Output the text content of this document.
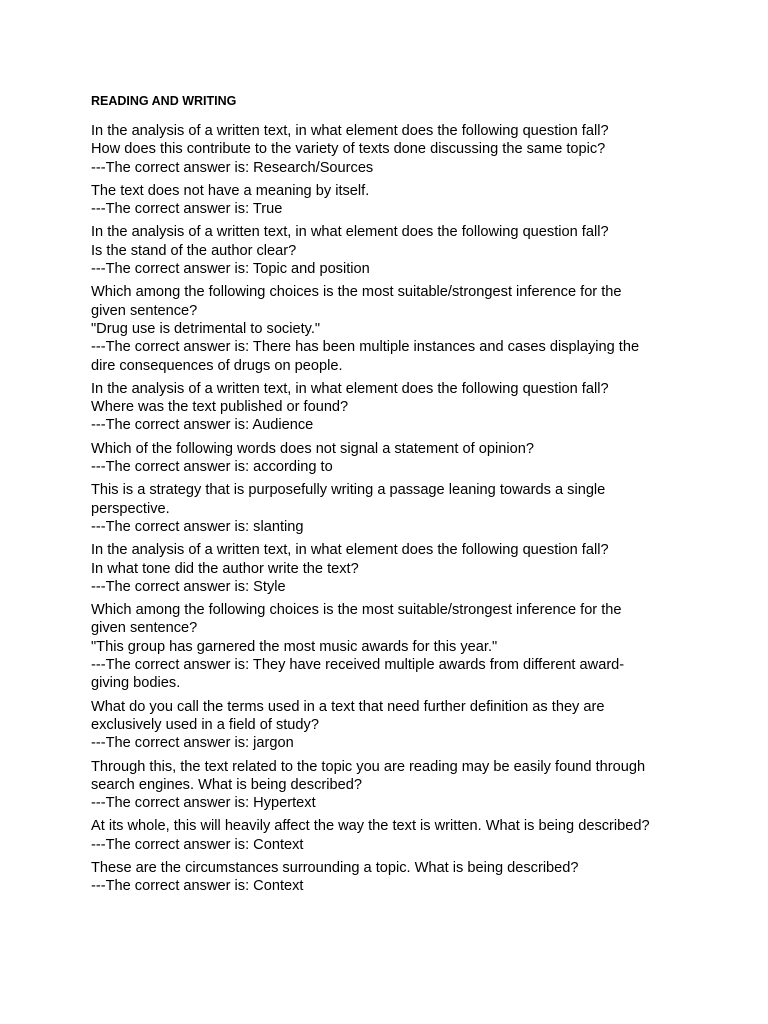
READING AND WRITING
In the analysis of a written text, in what element does the following question fall?
How does this contribute to the variety of texts done discussing the same topic?
---The correct answer is: Research/Sources
The text does not have a meaning by itself.
---The correct answer is: True
In the analysis of a written text, in what element does the following question fall?
Is the stand of the author clear?
---The correct answer is: Topic and position
Which among the following choices is the most suitable/strongest inference for the
given sentence?
"Drug use is detrimental to society."
---The correct answer is: There has been multiple instances and cases displaying the
dire consequences of drugs on people.
In the analysis of a written text, in what element does the following question fall?
Where was the text published or found?
---The correct answer is: Audience
Which of the following words does not signal a statement of opinion?
---The correct answer is: according to
This is a strategy that is purposefully writing a passage leaning towards a single
perspective.
---The correct answer is: slanting
In the analysis of a written text, in what element does the following question fall?
In what tone did the author write the text?
---The correct answer is: Style
Which among the following choices is the most suitable/strongest inference for the
given sentence?
"This group has garnered the most music awards for this year."
---The correct answer is: They have received multiple awards from different award-
giving bodies.
What do you call the terms used in a text that need further definition as they are
exclusively used in a field of study?
---The correct answer is: jargon
Through this, the text related to the topic you are reading may be easily found through
search engines. What is being described?
---The correct answer is: Hypertext
At its whole, this will heavily affect the way the text is written. What is being described?
---The correct answer is: Context
These are the circumstances surrounding a topic. What is being described?
---The correct answer is: Context
